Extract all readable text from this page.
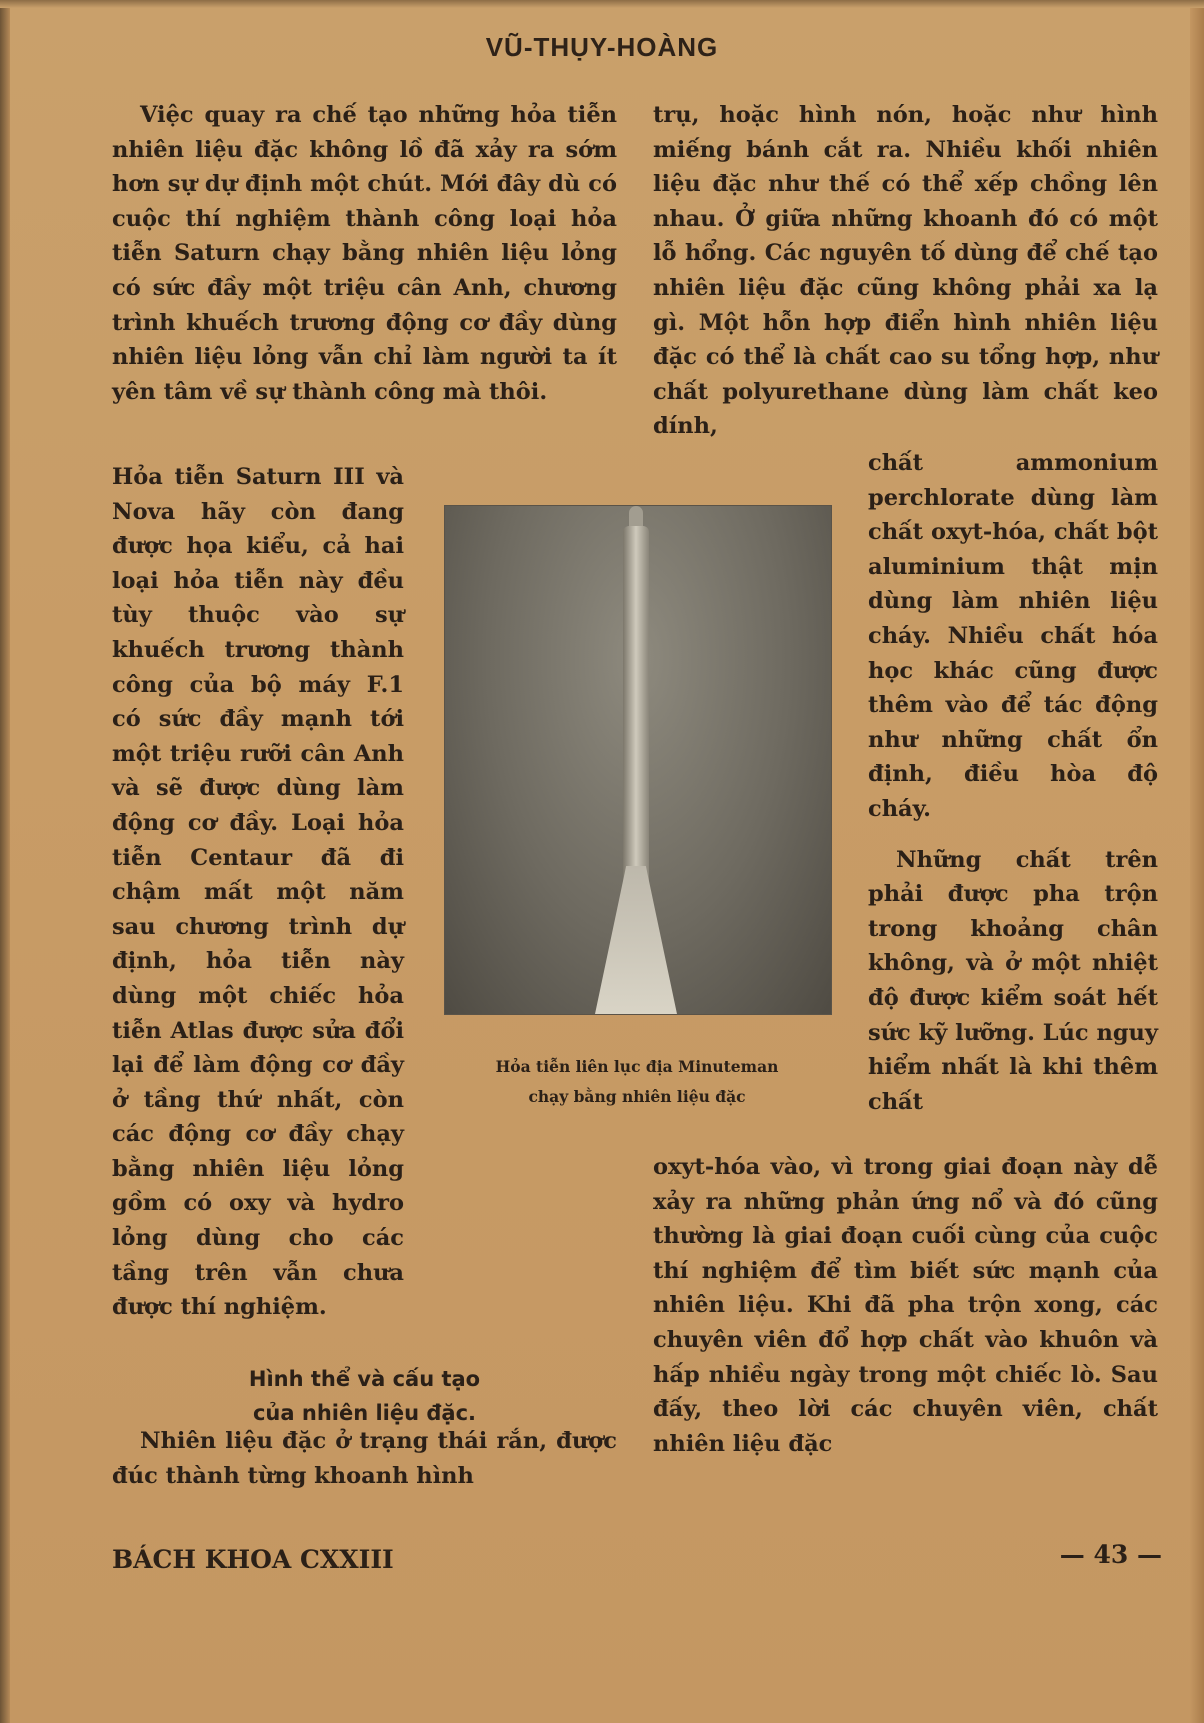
VŨ-THỤY-HOÀNG

Việc quay ra chế tạo những hỏa tiễn nhiên liệu đặc không lồ đã xảy ra sớm hơn sự dự định một chút. Mới đây dù có cuộc thí nghiệm thành công loại hỏa tiễn Saturn chạy bằng nhiên liệu lỏng có sức đầy một triệu cân Anh, chương trình khuếch trương động cơ đầy dùng nhiên liệu lỏng vẫn chỉ làm người ta ít yên tâm về sự thành công mà thôi.

Hỏa tiễn Saturn III và Nova hãy còn đang được họa kiểu, cả hai loại hỏa tiễn này đều tùy thuộc vào sự khuếch trương thành công của bộ máy F.1 có sức đầy mạnh tới một triệu rưỡi cân Anh và sẽ được dùng làm động cơ đầy. Loại hỏa tiễn Centaur đã đi chậm mất một năm sau chương trình dự định, hỏa tiễn này dùng một chiếc hỏa tiễn Atlas được sửa đổi lại để làm động cơ đầy ở tầng thứ nhất, còn các động cơ đầy chạy bằng nhiên liệu lỏng gồm có oxy và hydro lỏng dùng cho các tầng trên vẫn chưa được thí nghiệm.

Hình thể và cấu tạo
của nhiên liệu đặc.

Nhiên liệu đặc ở trạng thái rắn, được đúc thành từng khoanh hình

trụ, hoặc hình nón, hoặc như hình miếng bánh cắt ra. Nhiều khối nhiên liệu đặc như thế có thể xếp chồng lên nhau. Ở giữa những khoanh đó có một lỗ hổng. Các nguyên tố dùng để chế tạo nhiên liệu đặc cũng không phải xa lạ gì. Một hỗn hợp điển hình nhiên liệu đặc có thể là chất cao su tổng hợp, như chất polyurethane dùng làm chất keo dính,

chất ammonium perchlorate dùng làm chất oxyt-hóa, chất bột aluminium thật mịn dùng làm nhiên liệu cháy. Nhiều chất hóa học khác cũng được thêm vào để tác động như những chất ổn định, điều hòa độ cháy.

Những chất trên phải được pha trộn trong khoảng chân không, và ở một nhiệt độ được kiểm soát hết sức kỹ lưỡng. Lúc nguy hiểm nhất là khi thêm chất

oxyt-hóa vào, vì trong giai đoạn này dễ xảy ra những phản ứng nổ và đó cũng thường là giai đoạn cuối cùng của cuộc thí nghiệm để tìm biết sức mạnh của nhiên liệu. Khi đã pha trộn xong, các chuyên viên đổ hợp chất vào khuôn và hấp nhiều ngày trong một chiếc lò. Sau đấy, theo lời các chuyên viên, chất nhiên liệu đặc

Hỏa tiễn liên lục địa Minuteman
chạy bằng nhiên liệu đặc
BÁCH KHOA CXXIII	— 43 —
